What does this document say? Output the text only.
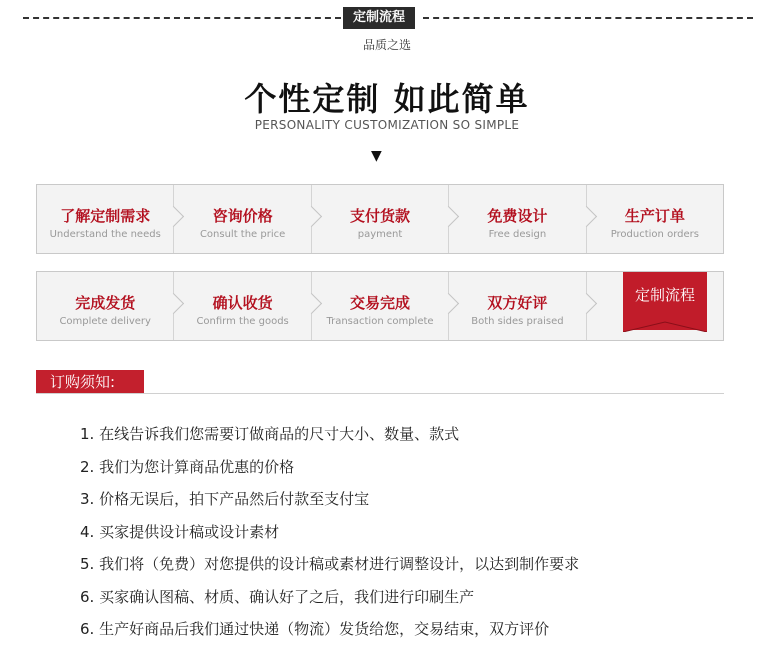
定制流程
品质之选
个性定制 如此简单
PERSONALITY CUSTOMIZATION SO SIMPLE
▼
了解定制需求
Understand the needs
咨询价格
Consult the price
支付货款
payment
免费设计
Free design
生产订单
Production orders
完成发货
Complete delivery
确认收货
Confirm the goods
交易完成
Transaction complete
双方好评
Both sides praised
定制流程
订购须知:
1. 在线告诉我们您需要订做商品的尺寸大小、数量、款式
2. 我们为您计算商品优惠的价格
3. 价格无误后，拍下产品然后付款至支付宝
4. 买家提供设计稿或设计素材
5. 我们将（免费）对您提供的设计稿或素材进行调整设计，以达到制作要求
6. 买家确认图稿、材质、确认好了之后，我们进行印刷生产
6. 生产好商品后我们通过快递（物流）发货给您，交易结束，双方评价
